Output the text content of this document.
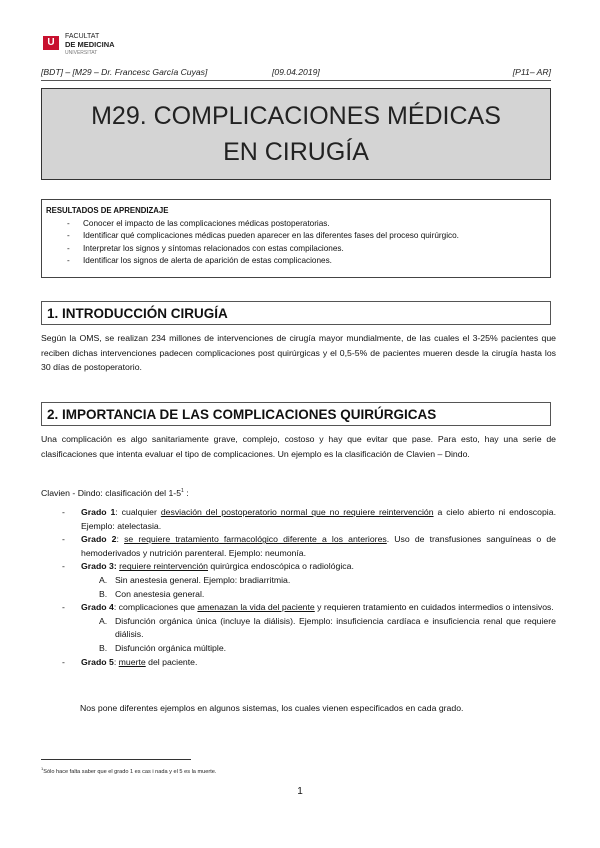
U
FACULTAT
DE MEDICINA
UNIVERSITAT
[BDT] – [M29 – Dr. Francesc García Cuyas]	[09.04.2019]	[P11– AR]
M29. COMPLICACIONES MÉDICAS EN CIRUGÍA
RESULTADOS DE APRENDIZAJE
- Conocer el impacto de las complicaciones médicas postoperatorias.
- Identificar qué complicaciones médicas pueden aparecer en las diferentes fases del proceso quirúrgico.
- Interpretar los signos y síntomas relacionados con estas compilaciones.
- Identificar los signos de alerta de aparición de estas complicaciones.
1. INTRODUCCIÓN CIRUGÍA
Según la OMS, se realizan 234 millones de intervenciones de cirugía mayor mundialmente, de las cuales el 3-25% pacientes que reciben dichas intervenciones padecen complicaciones post quirúrgicas y el 0,5-5% de pacientes mueren desde la cirugía hasta los 30 días de postoperatorio.
2. IMPORTANCIA DE LAS COMPLICACIONES QUIRÚRGICAS
Una complicación es algo sanitariamente grave, complejo, costoso y hay que evitar que pase. Para esto, hay una serie de clasificaciones que intenta evaluar el tipo de complicaciones. Un ejemplo es la clasificación de Clavien – Dindo.
Clavien - Dindo: clasificación del $1-5^1$ :
- Grado 1: cualquier desviación del postoperatorio normal que no requiere reintervención a cielo abierto ni endoscopia. Ejemplo: atelectasia.
- Grado 2: se requiere tratamiento farmacológico diferente a los anteriores. Uso de transfusiones sanguíneas o de hemoderivados y nutrición parenteral. Ejemplo: neumonía.
- Grado 3: requiere reintervención quirúrgica endoscópica o radiológica.
A. Sin anestesia general. Ejemplo: bradiarritmia.
B. Con anestesia general.
- Grado 4: complicaciones que amenazan la vida del paciente y requieren tratamiento en cuidados intermedios o intensivos.
A. Disfunción orgánica única (incluye la diálisis). Ejemplo: insuficiencia cardíaca e insuficiencia renal que requiere diálisis.
B. Disfunción orgánica múltiple.
- Grado 5: muerte del paciente.
Nos pone diferentes ejemplos en algunos sistemas, los cuales vienen especificados en cada grado.
$^1$Sólo hace falta saber que el grado 1 es cas i nada y el 5 es la muerte.
1
